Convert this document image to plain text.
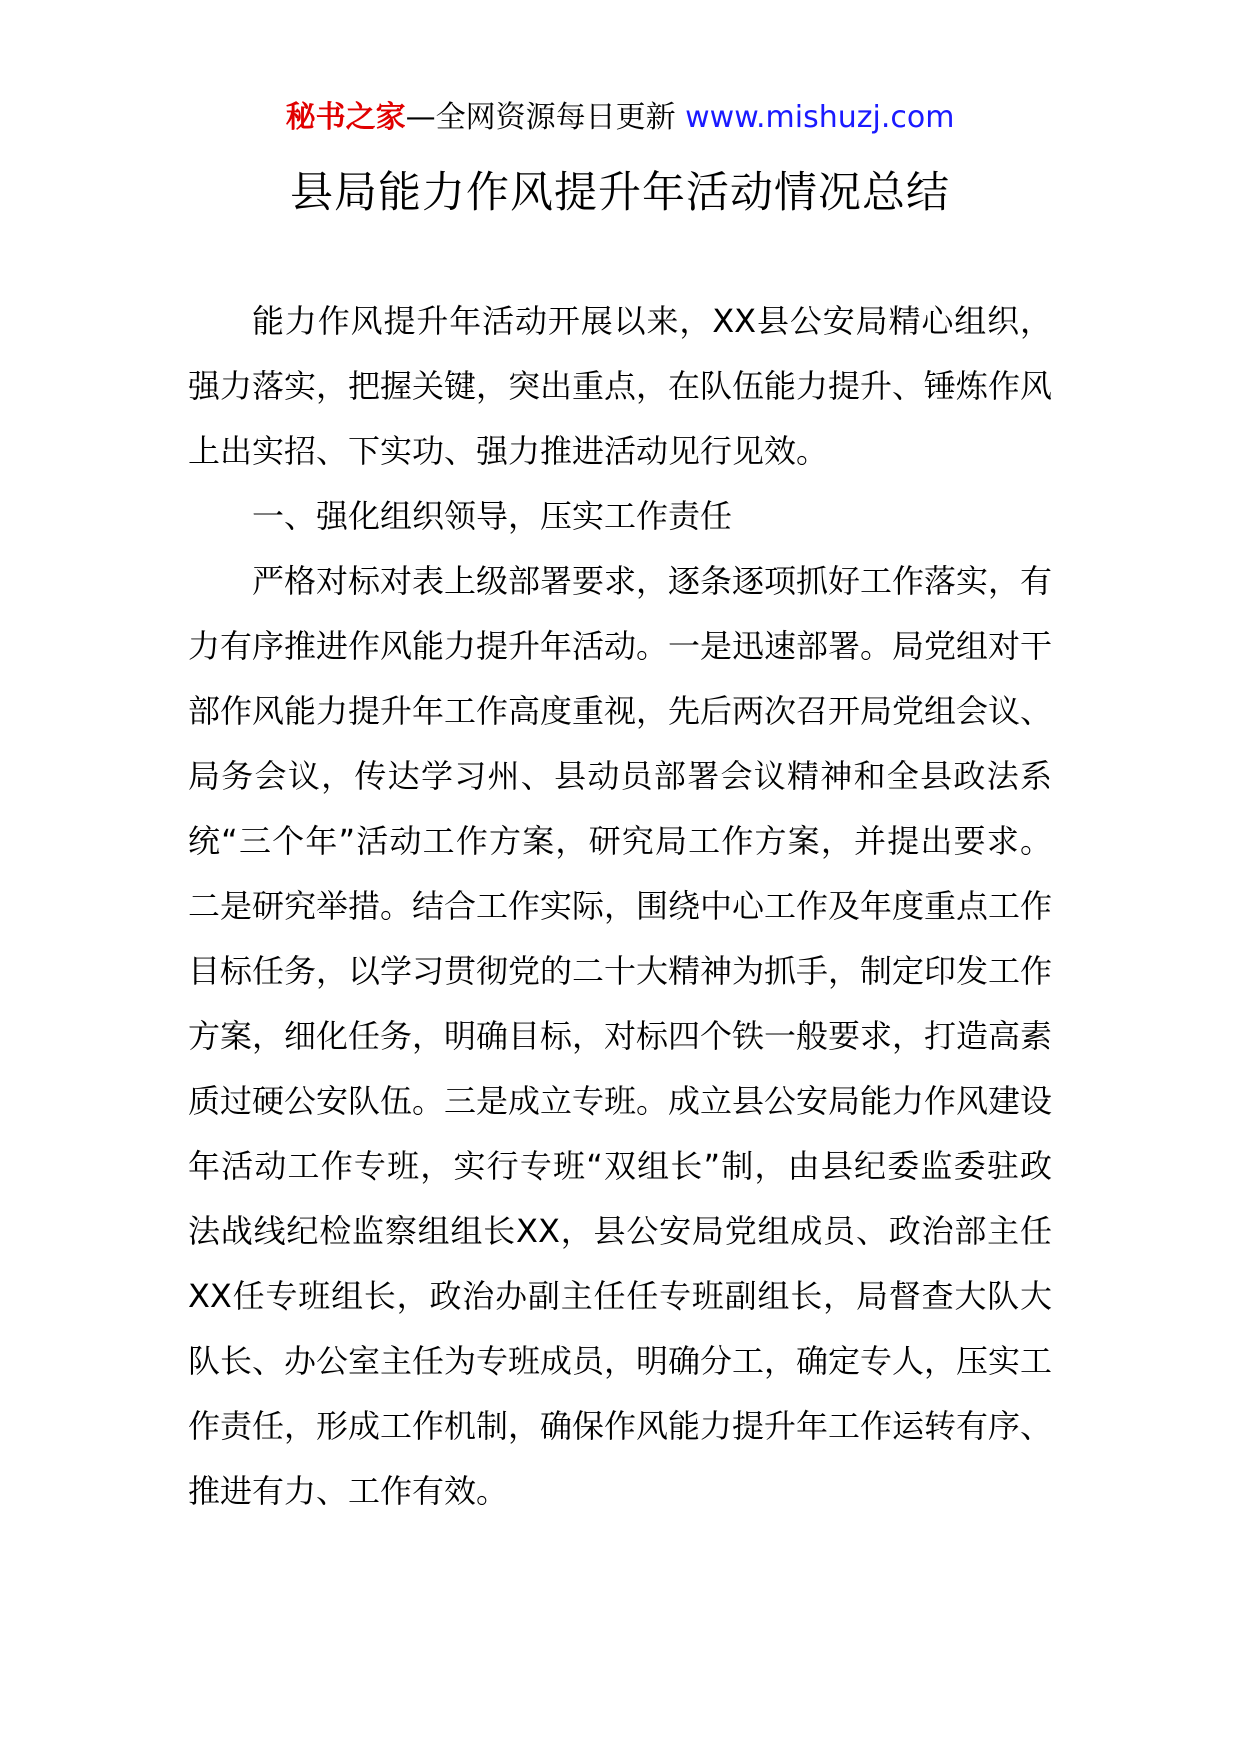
秘书之家—全网资源每日更新 www.mishuzj.com
县局能力作风提升年活动情况总结

能力作风提升年活动开展以来，XX县公安局精心组织，强力落实，把握关键，突出重点，在队伍能力提升、锤炼作风上出实招、下实功、强力推进活动见行见效。

一、强化组织领导，压实工作责任

严格对标对表上级部署要求，逐条逐项抓好工作落实，有力有序推进作风能力提升年活动。一是迅速部署。局党组对干部作风能力提升年工作高度重视，先后两次召开局党组会议、局务会议，传达学习州、县动员部署会议精神和全县政法系统“三个年”活动工作方案，研究局工作方案，并提出要求。二是研究举措。结合工作实际，围绕中心工作及年度重点工作目标任务，以学习贯彻党的二十大精神为抓手，制定印发工作方案，细化任务，明确目标，对标四个铁一般要求，打造高素质过硬公安队伍。三是成立专班。成立县公安局能力作风建设年活动工作专班，实行专班“双组长”制，由县纪委监委驻政法战线纪检监察组组长XX，县公安局党组成员、政治部主任XX任专班组长，政治办副主任任专班副组长，局督查大队大队长、办公室主任为专班成员，明确分工，确定专人，压实工作责任，形成工作机制，确保作风能力提升年工作运转有序、推进有力、工作有效。
